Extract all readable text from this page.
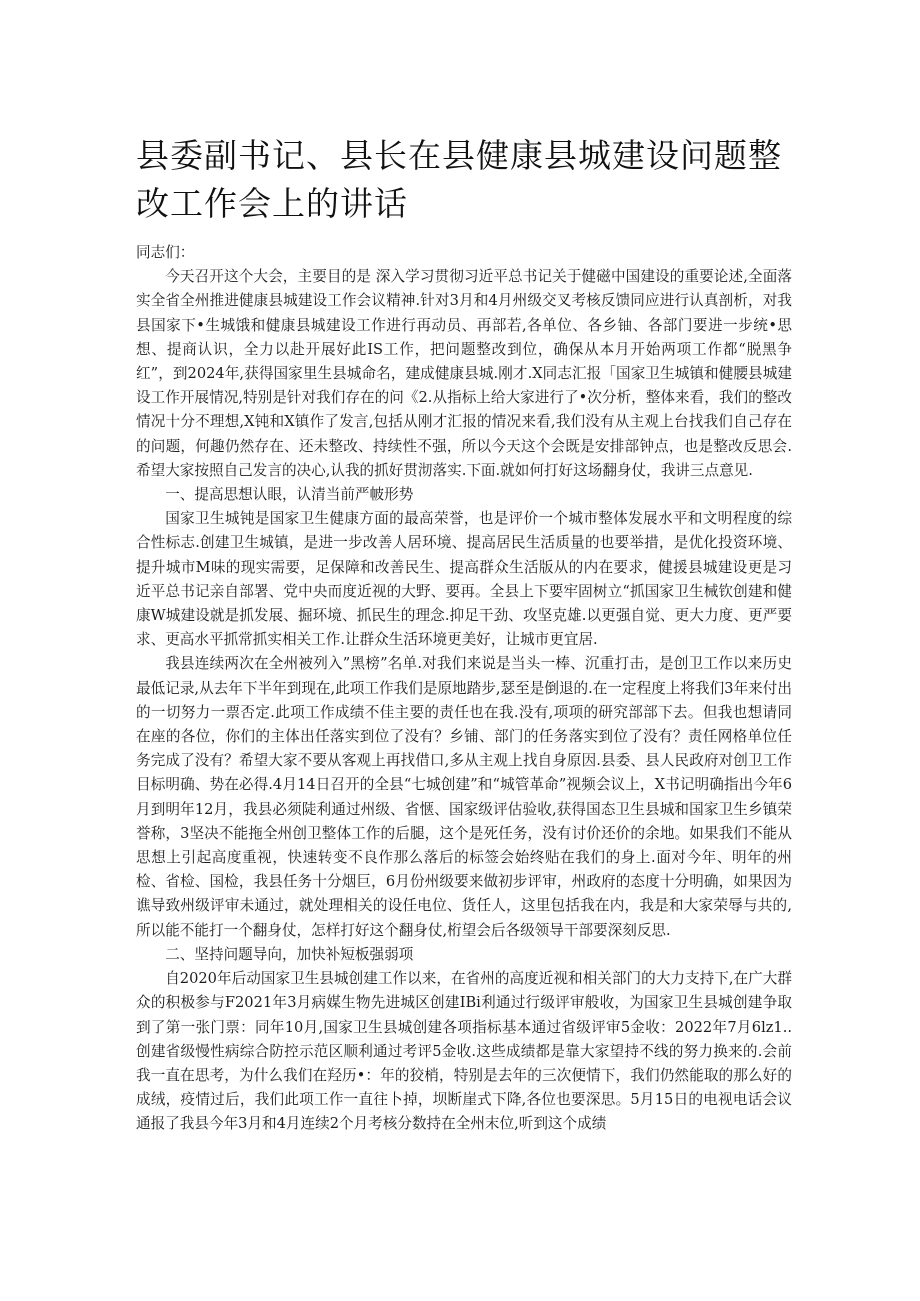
县委副书记、县长在县健康县城建设问题整改工作会上的讲话

同志们：

今天召开这个大会，主要目的是 深入学习贯彻习近平总书记关于健磁中国建设的重要论述,全面落实全省全州推进健康县城建设工作会议精神.针对3月和4月州级交叉考核反馈同应进行认真剖析，对我县国家下•生城饿和健康县城建设工作进行再动员、再部若,各单位、各乡铀、各部门要进一步统•思想、提商认识，全力以赴开展好此IS工作，把问题整改到位，确保从本月开始两项工作都“脱黑争红”，到2024年,获得国家里生县城命名，建成健康县城.刚才.X同志汇报「国家卫生城镇和健腰县城建设工作开展情况,特别是针对我们存在的问《2.从指标上给大家进行了•次分析，整体来看，我们的整改情况十分不理想,X钝和X镇作了发言,包括从刚才汇报的情况来看,我们没有从主观上台找我们自己存在的问题，何趣仍然存在、还未整改、持续性不强，所以今天这个会既是安排部钟点，也是整改反思会.希望大家按照自己发言的决心,认我的抓好贯沏落实.下面.就如何打好这场翻身仗，我讲三点意见.

一、提高思想认眼，认清当前严帔形势

国家卫生城钝是国家卫生健康方面的最高荣誉，也是评价一个城市整体发展水平和文明程度的综合性标志.创建卫生城镇，是进一步改善人居环境、提高居民生活质量的也要举措，是优化投资环境、提升城市M味的现实需要，足保障和改善民生、提高群众生活版从的内在要求，健援县城建设更是习近平总书记亲自部署、党中央而度近视的大野、要再。全县上下要牢固树立“抓国家卫生械钦创建和健康W城建设就是抓发展、掘环境、抓民生的理念.抑足干劲、攻坚克雄.以更强自觉、更大力度、更严要求、更高水平抓常抓实相关工作.让群众生活环境更美好，让城市更宜居.

我县连续两次在全州被列入”黑榜”名单.对我们来说是当头一棒、沉重打击，是创卫工作以来历史最低记录,从去年下半年到现在,此项工作我们是原地踏步,瑟至是倒退的.在一定程度上将我们3年来付出的一切努力一票否定.此项工作成绩不佳主要的责任也在我.没有,项项的研究部部下去。但我也想请同在座的各位，你们的主体出任落实到位了没有？乡铺、部门的任务落实到位了没有？责任网格单位任务完成了没有？希望大家不要从客观上再找借口,多从主观上找自身原因.县委、县人民政府对创卫工作目标明确、势在必得.4月14日召开的全县“七城创建”和“城管革命”视频会议上，X书记明确指出今年6月到明年12月，我县必须陡利通过州级、省惬、国家级评估验收,获得国态卫生县城和国家卫生乡镇荣誉称，3坚决不能拖全州创卫整体工作的后腿，这个是死任务，没有讨价还价的余地。如果我们不能从思想上引起高度重视，快速转变不良作那么落后的标签会始终贴在我们的身上.面对今年、明年的州检、省检、国检，我县任务十分烟巨，6月份州级要来做初步评审，州政府的态度十分明确，如果因为谯导致州级评审未通过，就处理相关的设任电位、货任人，这里包括我在内，我是和大家荣辱与共的,所以能不能打一个翻身仗，怎样打好这个翻身仗,桁望会后各级领导干部要深刻反思.

二、坚持问题导向，加快补短板强弱项

自2020年后动国家卫生县城创建工作以来，在省州的高度近视和相关部门的大力支持下,在广大群众的积极参与F2021年3月病媒生物先进城区创建IBi利通过行级评审般收，为国家卫生县城创建争取到了第一张门票：同年10月,国家卫生县城创建各项指标基本通过省级评审5金收：2022年7月6lz1..创建省级慢性病综合防控示范区顺利通过考评5金收.这些成绩都是靠大家望持不线的努力换来的.会前我一直在思考，为什么我们在羟历•：年的狡梢，特别是去年的三次便情下，我们仍然能取的那么好的成绒，疫情过后，我们此项工作一直往卜掉，坝断崖式下降,各位也要深思。5月15日的电视电话会议通报了我县今年3月和4月连续2个月考核分数持在全州末位,听到这个成绩
